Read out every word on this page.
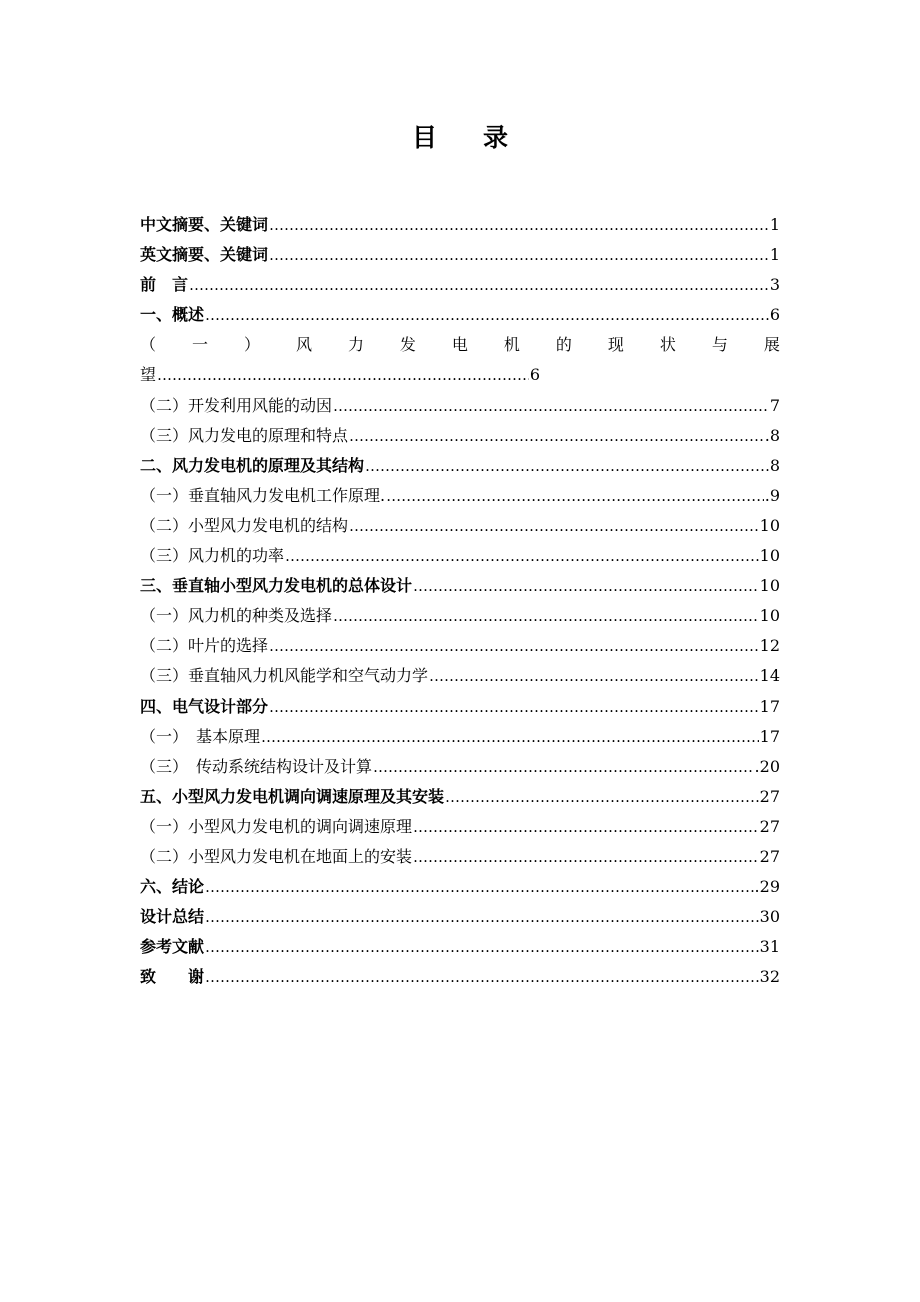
目 录
中文摘要、关键词 ……………………………………………………………………………………………………………………………………………………………	1
英文摘要、关键词 ……………………………………………………………………………………………………………………………………………………………	1
前　言 ……………………………………………………………………………………………………………………………………………………………	3
一、概述 ……………………………………………………………………………………………………………………………………………………………	6
（ 一 ） 风 力 发 电 机 的 现 状 与 展
望 ……………………………………………………………………………………………………………………………………………………………	6
（二）开发利用风能的动因 ……………………………………………………………………………………………………………………………………………………………	7
（三）风力发电的原理和特点 ……………………………………………………………………………………………………………………………………………………………	.8
二、风力发电机的原理及其结构 ……………………………………………………………………………………………………………………………………………………………	8
（一）垂直轴风力发电机工作原理. ……………………………………………………………………………………………………………………………………………………………	.9
（二）小型风力发电机的结构 ……………………………………………………………………………………………………………………………………………………………	10
（三）风力机的功率 ……………………………………………………………………………………………………………………………………………………………	10
三、垂直轴小型风力发电机的总体设计 ……………………………………………………………………………………………………………………………………………………………	10
（一）风力机的种类及选择 ……………………………………………………………………………………………………………………………………………………………	10
（二）叶片的选择 ……………………………………………………………………………………………………………………………………………………………	12
（三）垂直轴风力机风能学和空气动力学 ……………………………………………………………………………………………………………………………………………………………	14
四、电气设计部分 ……………………………………………………………………………………………………………………………………………………………	17
（一）　基本原理 ……………………………………………………………………………………………………………………………………………………………	17
（三）　传动系统结构设计及计算 ……………………………………………………………………………………………………………………………………………………………	.20
五、小型风力发电机调向调速原理及其安装 ……………………………………………………………………………………………………………………………………………………………	27
（一）小型风力发电机的调向调速原理 ……………………………………………………………………………………………………………………………………………………………	27
（二）小型风力发电机在地面上的安装 ……………………………………………………………………………………………………………………………………………………………	27
六、结论 ……………………………………………………………………………………………………………………………………………………………	.29
设计总结 ……………………………………………………………………………………………………………………………………………………………	30
参考文献 ……………………………………………………………………………………………………………………………………………………………	31
致　　谢 ……………………………………………………………………………………………………………………………………………………………	32
